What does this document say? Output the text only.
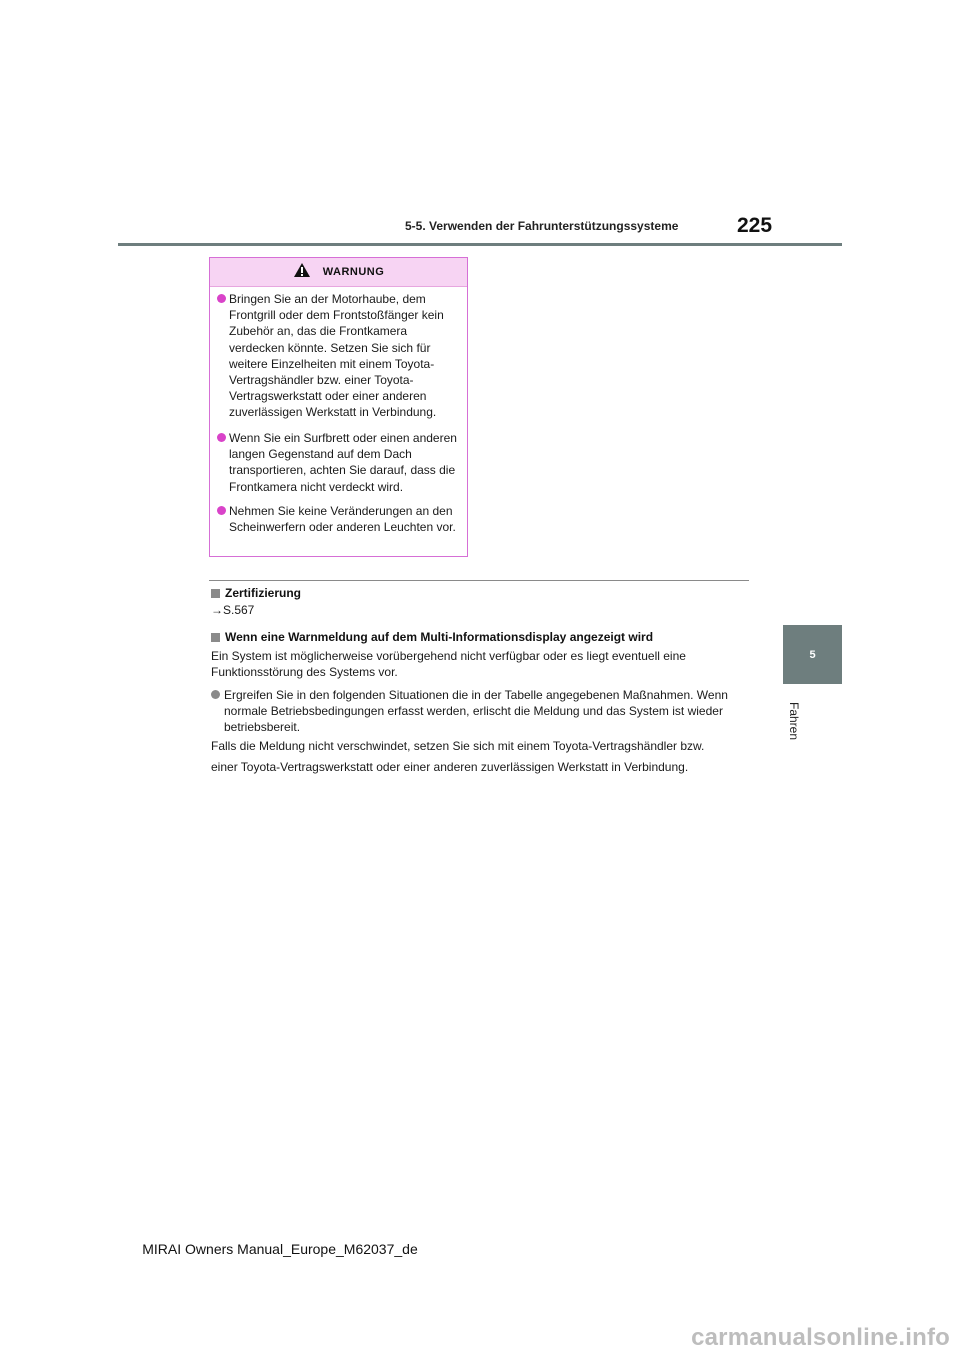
5-5. Verwenden der Fahrunterstützungssysteme	225
5
Fahren
WARNUNG
Bringen Sie an der Motorhaube, dem Frontgrill oder dem Frontstoßfänger kein Zubehör an, das die Frontkamera verdecken könnte. Setzen Sie sich für weitere Einzelheiten mit einem Toyota-Vertragshändler bzw. einer Toyota-Vertragswerkstatt oder einer anderen zuverlässigen Werkstatt in Verbindung.
Wenn Sie ein Surfbrett oder einen anderen langen Gegenstand auf dem Dach transportieren, achten Sie darauf, dass die Frontkamera nicht verdeckt wird.
Nehmen Sie keine Veränderungen an den Scheinwerfern oder anderen Leuchten vor.
Zertifizierung
→S.567
Wenn eine Warnmeldung auf dem Multi-Informationsdisplay angezeigt wird
Ein System ist möglicherweise vorübergehend nicht verfügbar oder es liegt eventuell eine Funktionsstörung des Systems vor.
Ergreifen Sie in den folgenden Situationen die in der Tabelle angegebenen Maßnahmen. Wenn normale Betriebsbedingungen erfasst werden, erlischt die Meldung und das System ist wieder betriebsbereit.
Falls die Meldung nicht verschwindet, setzen Sie sich mit einem Toyota-Vertragshändler bzw.
einer Toyota-Vertragswerkstatt oder einer anderen zuverlässigen Werkstatt in Verbindung.
MIRAI Owners Manual_Europe_M62037_de
carmanualsonline.info
